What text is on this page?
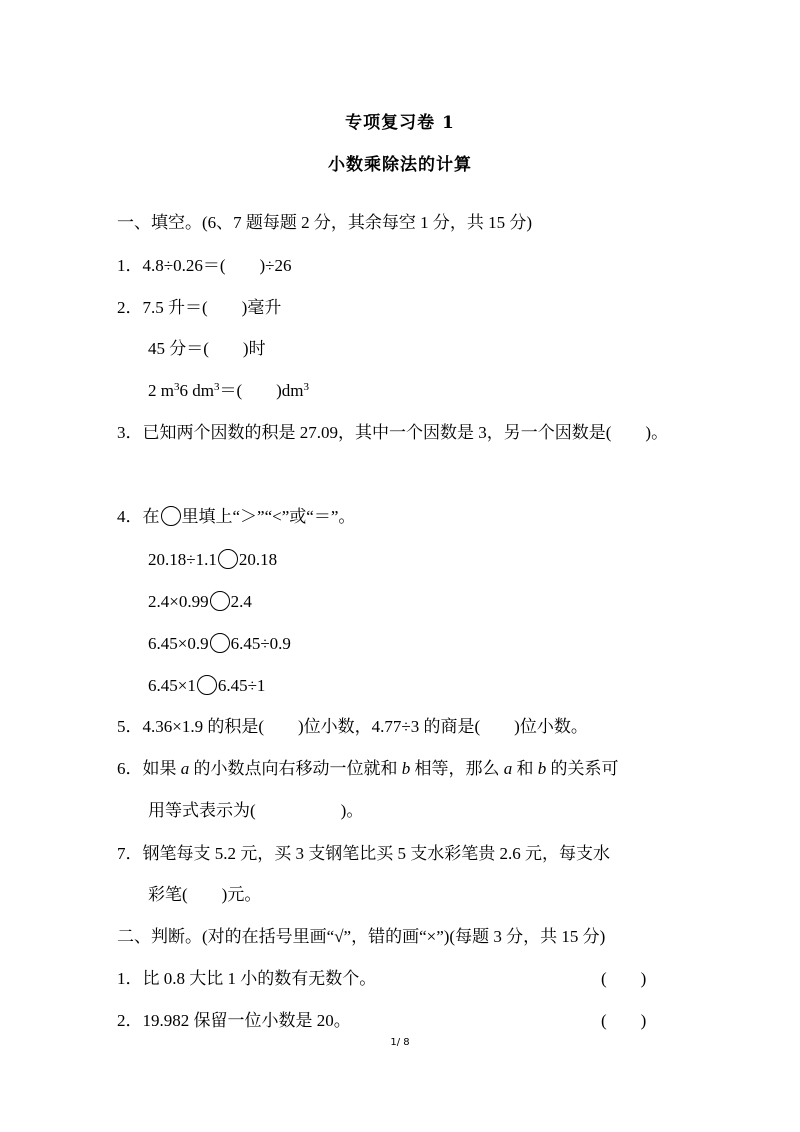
专项复习卷 1
小数乘除法的计算
一、填空。(6、7 题每题 2 分，其余每空 1 分，共 15 分)
1．4.8÷0.26＝( )÷26
2．7.5 升＝( )毫升
45 分＝( )时
2 $m^36$ $dm^3=$( )$dm^3$
3．已知两个因数的积是 27.09，其中一个因数是 3，另一个因数是( )。
4．在 里填上“＞”“<”或“＝”。
20.18÷1.1 20.18
2.4×0.99 2.4
6.45×0.9 6.45÷0.9
6.45×1 6.45÷1
5．4.36×1.9 的积是( )位小数，4.77÷3 的商是( )位小数。
6．如果 a 的小数点向右移动一位就和 b 相等，那么 a 和 b 的关系可
用等式表示为(	)。
7．钢笔每支 5.2 元，买 3 支钢笔比买 5 支水彩笔贵 2.6 元，每支水
彩笔( )元。
二、判断。(对的在括号里画“√”，错的画“×”)(每题 3 分，共 15 分)
1．比 0.8 大比 1 小的数有无数个。	(        )
2．19.982 保留一位小数是 20。	(        )
1/ 8
